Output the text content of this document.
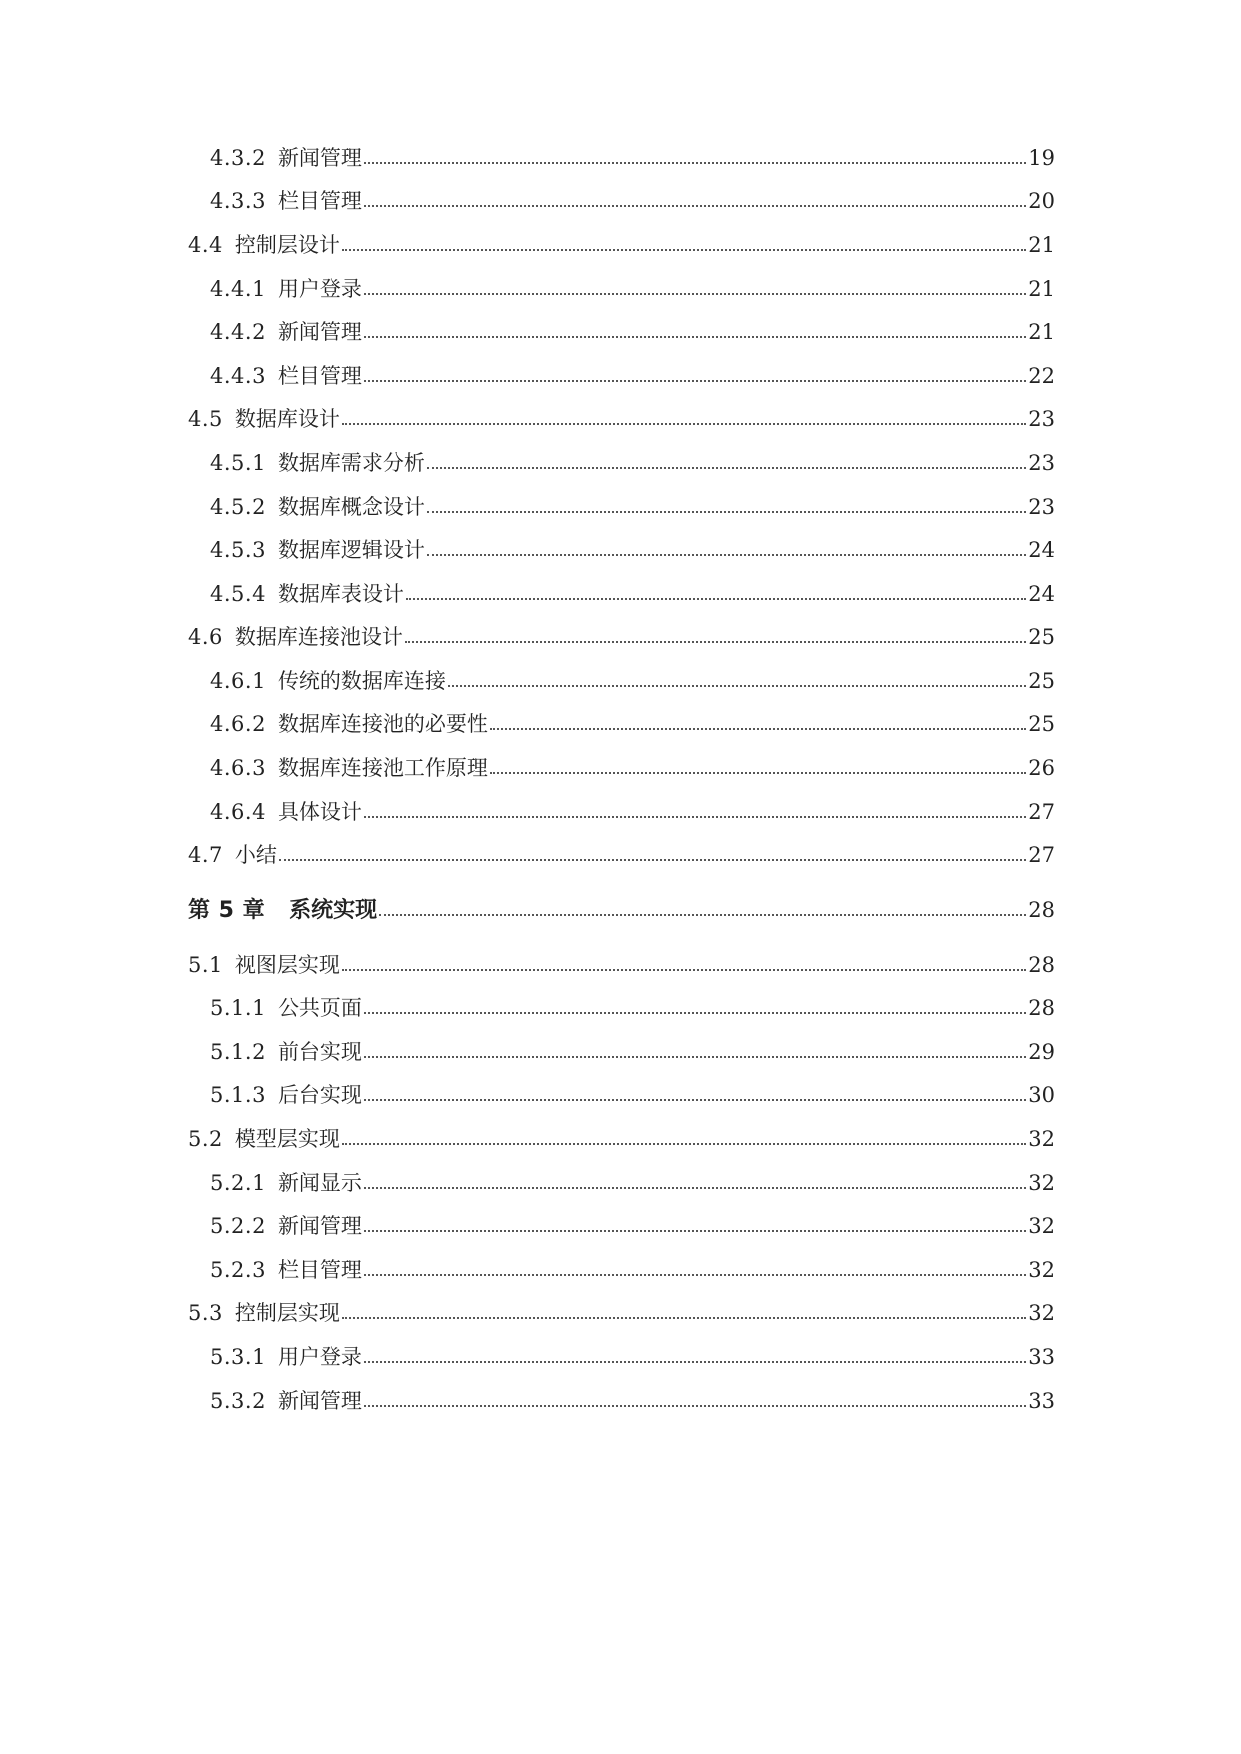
4.3.2 新闻管理	19
4.3.3 栏目管理	20
4.4 控制层设计	21
4.4.1 用户登录	21
4.4.2 新闻管理	21
4.4.3 栏目管理	22
4.5 数据库设计	23
4.5.1 数据库需求分析	23
4.5.2 数据库概念设计	23
4.5.3 数据库逻辑设计	24
4.5.4 数据库表设计	24
4.6 数据库连接池设计	25
4.6.1 传统的数据库连接	25
4.6.2 数据库连接池的必要性	25
4.6.3 数据库连接池工作原理	26
4.6.4 具体设计	27
4.7 小结	27
第 5 章 系统实现	28
5.1 视图层实现	28
5.1.1 公共页面	28
5.1.2 前台实现	29
5.1.3 后台实现	30
5.2 模型层实现	32
5.2.1 新闻显示	32
5.2.2 新闻管理	32
5.2.3 栏目管理	32
5.3 控制层实现	32
5.3.1 用户登录	33
5.3.2 新闻管理	33
